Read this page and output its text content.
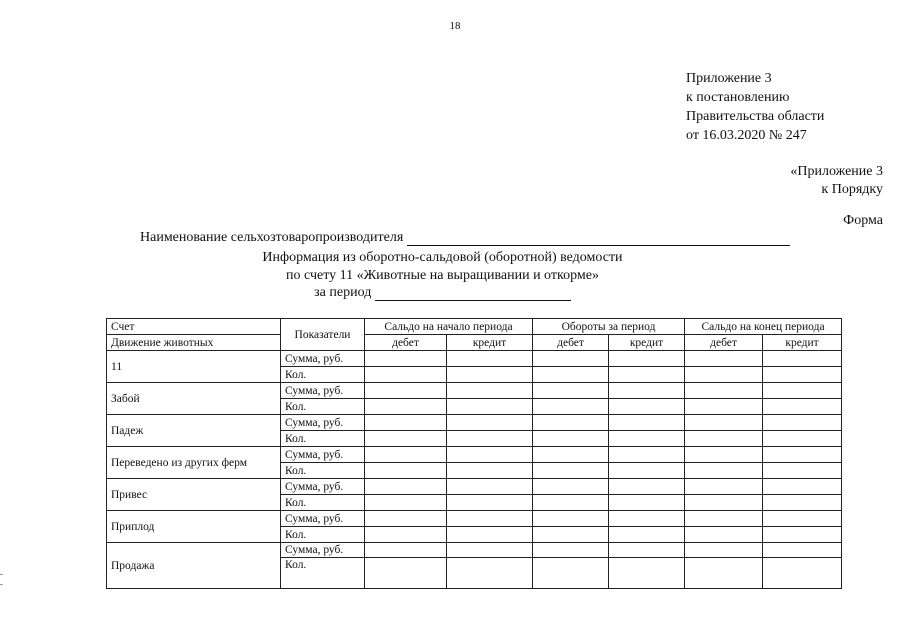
18
Приложение 3
к постановлению
Правительства области
от 16.03.2020 № 247
«Приложение 3
к Порядку
Форма
Наименование сельхозтоваропроизводителя
Информация из оборотно-сальдовой (оборотной) ведомости
по счету 11 «Животные на выращивании и откорме»
за период
Счет	Показатели	Сальдо на начало периода		Обороты за период		Сальдо на конец периода	
Движение животных		дебет	кредит	дебет	кредит	дебет	кредит
11	Сумма, руб.						
	Кол.						
Забой	Сумма, руб.						
	Кол.						
Падеж	Сумма, руб.						
	Кол.						
Переведено из других ферм	Сумма, руб.						
	Кол.						
Привес	Сумма, руб.						
	Кол.						
Приплод	Сумма, руб.						
	Кол.						
Продажа	Сумма, руб.						
	Кол.						
